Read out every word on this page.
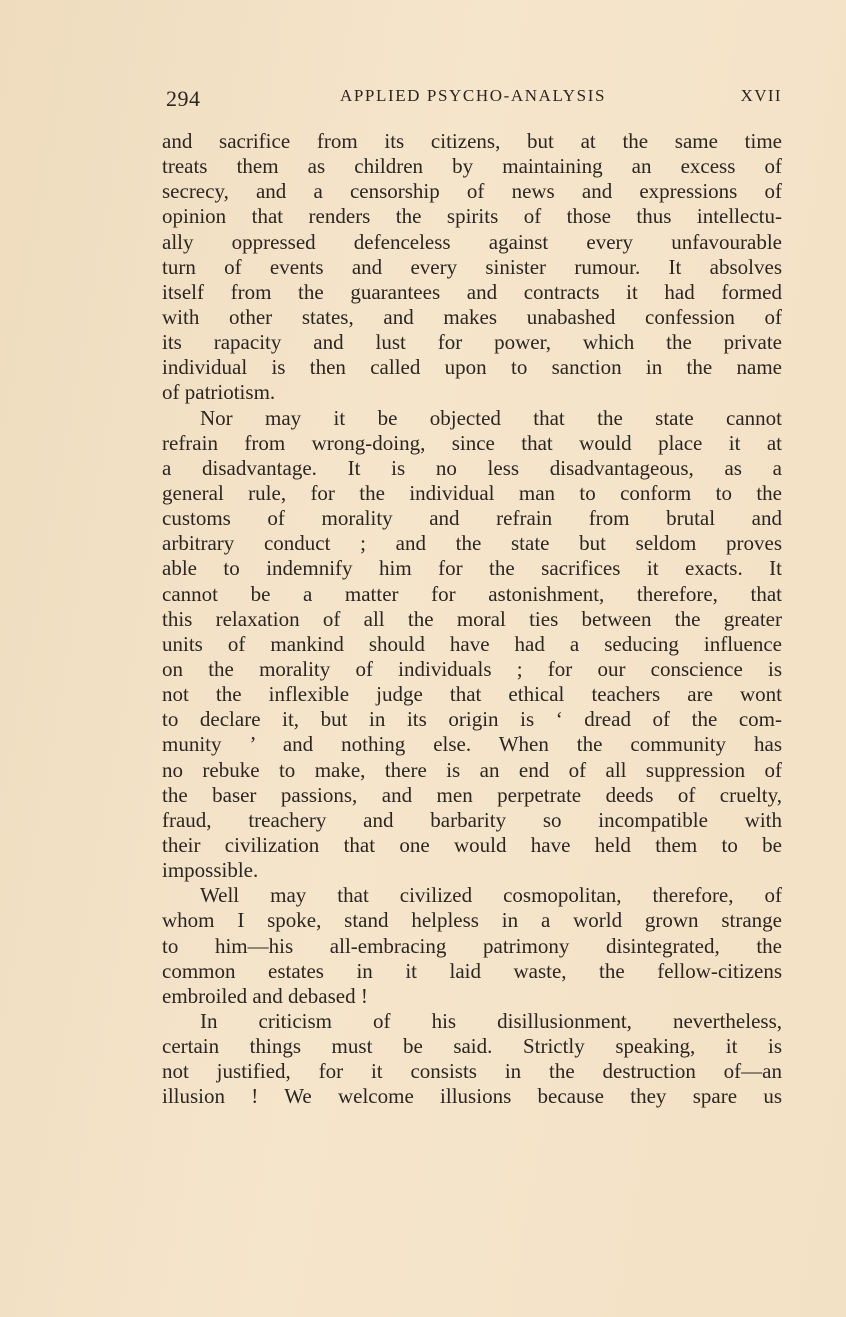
294	APPLIED PSYCHO-ANALYSIS	XVII
and sacrifice from its citizens, but at the same time
treats them as children by maintaining an excess of
secrecy, and a censorship of news and expressions of
opinion that renders the spirits of those thus intellectu-
ally oppressed defenceless against every unfavourable
turn of events and every sinister rumour. It absolves
itself from the guarantees and contracts it had formed
with other states, and makes unabashed confession of
its rapacity and lust for power, which the private
individual is then called upon to sanction in the name
of patriotism.
Nor may it be objected that the state cannot
refrain from wrong-doing, since that would place it at
a disadvantage. It is no less disadvantageous, as a
general rule, for the individual man to conform to the
customs of morality and refrain from brutal and
arbitrary conduct ; and the state but seldom proves
able to indemnify him for the sacrifices it exacts. It
cannot be a matter for astonishment, therefore, that
this relaxation of all the moral ties between the greater
units of mankind should have had a seducing influence
on the morality of individuals ; for our conscience is
not the inflexible judge that ethical teachers are wont
to declare it, but in its origin is ‘ dread of the com-
munity ’ and nothing else. When the community has
no rebuke to make, there is an end of all suppression of
the baser passions, and men perpetrate deeds of cruelty,
fraud, treachery and barbarity so incompatible with
their civilization that one would have held them to be
impossible.
Well may that civilized cosmopolitan, therefore, of
whom I spoke, stand helpless in a world grown strange
to him—his all-embracing patrimony disintegrated, the
common estates in it laid waste, the fellow-citizens
embroiled and debased !
In criticism of his disillusionment, nevertheless,
certain things must be said. Strictly speaking, it is
not justified, for it consists in the destruction of—an
illusion ! We welcome illusions because they spare us
